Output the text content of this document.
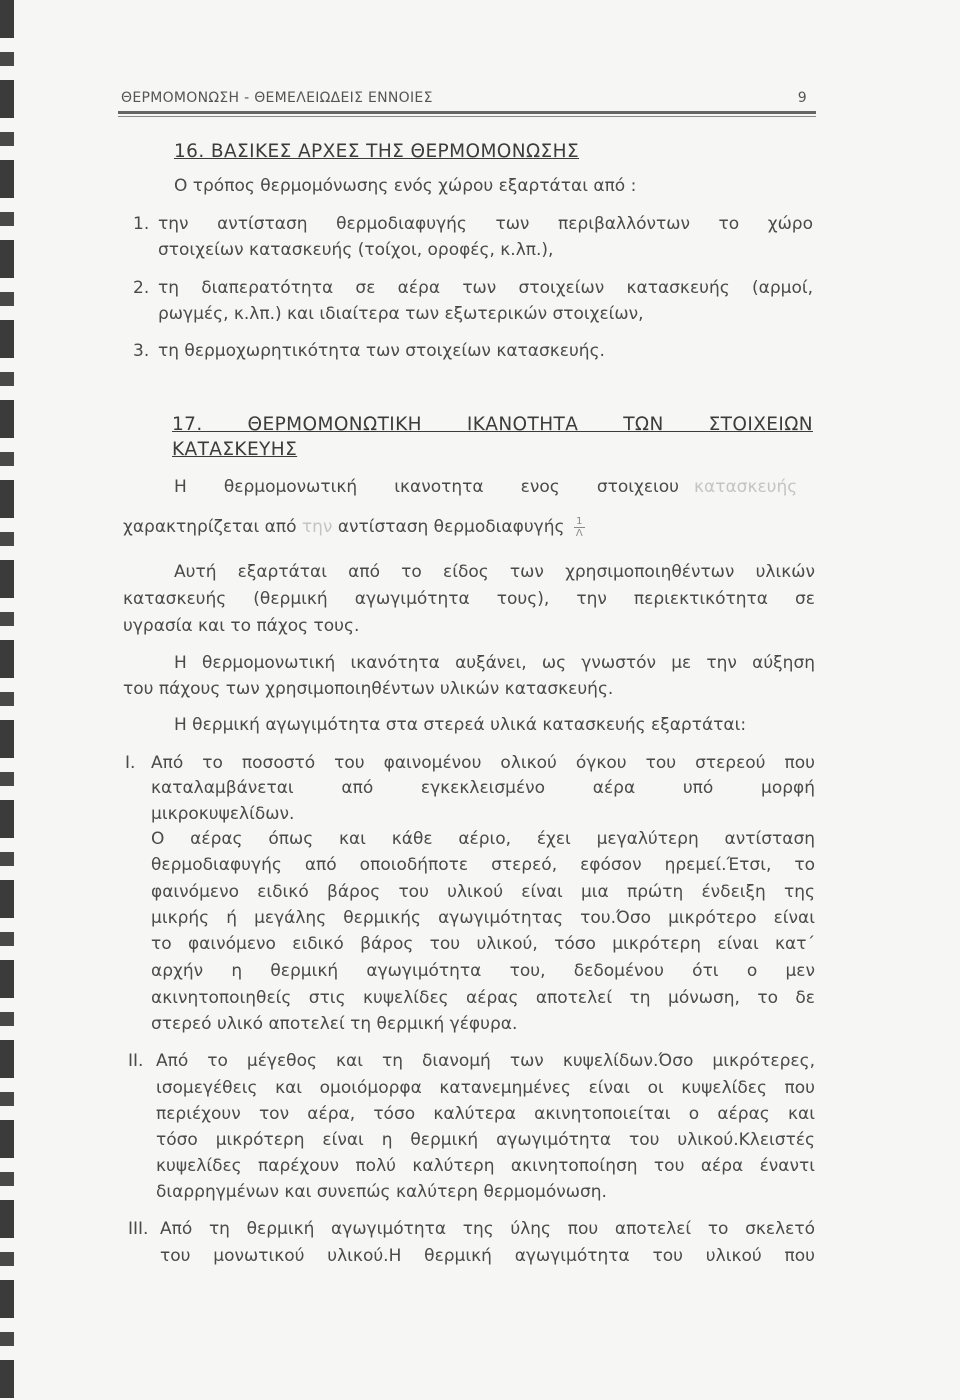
ΘΕΡΜΟΜΟΝΩΣΗ - ΘΕΜΕΛΕΙΩΔΕΙΣ ΕΝΝΟΙΕΣ	9
16. ΒΑΣΙΚΕΣ ΑΡΧΕΣ ΤΗΣ ΘΕΡΜΟΜΟΝΩΣΗΣ
Ο τρόπος θερμομόνωσης ενός χώρου εξαρτάται από :
1. την αντίσταση θερμοδιαφυγής των περιβαλλόντων το χώρο
στοιχείων κατασκευής (τοίχοι, οροφές, κ.λπ.),
2. τη διαπερατότητα σε αέρα των στοιχείων κατασκευής (αρμοί,
ρωγμές, κ.λπ.) και ιδιαίτερα των εξωτερικών στοιχείων,
3. τη θερμοχωρητικότητα των στοιχείων κατασκευής.
17. ΘΕΡΜΟΜΟΝΩΤΙΚΗ ΙΚΑΝΟΤΗΤΑ ΤΩΝ ΣΤΟΙΧΕΙΩΝ
ΚΑΤΑΣΚΕΥΗΣ
Η θερμομονωτική ικανοτητα ενος στοιχειου κατασκευής
χαρακτηρίζεται από την αντίσταση θερμοδιαφυγής $\frac{1}{\Lambda}$
Αυτή εξαρτάται από το είδος των χρησιμοποιηθέντων υλικών
κατασκευής (θερμική αγωγιμότητα τους), την περιεκτικότητα σε
υγρασία και το πάχος τους.
Η θερμομονωτική ικανότητα αυξάνει, ως γνωστόν με την αύξηση
του πάχους των χρησιμοποιηθέντων υλικών κατασκευής.
Η θερμική αγωγιμότητα στα στερεά υλικά κατασκευής εξαρτάται:
I. Από το ποσοστό του φαινομένου ολικού όγκου του στερεού που
καταλαμβάνεται από εγκεκλεισμένο αέρα υπό μορφή
μικροκυψελίδων.
Ο αέρας όπως και κάθε αέριο, έχει μεγαλύτερη αντίσταση
θερμοδιαφυγής από οποιοδήποτε στερεό, εφόσον ηρεμεί.Έτσι, το
φαινόμενο ειδικό βάρος του υλικού είναι μια πρώτη ένδειξη της
μικρής ή μεγάλης θερμικής αγωγιμότητας του.Όσο μικρότερο είναι
το φαινόμενο ειδικό βάρος του υλικού, τόσο μικρότερη είναι κατ΄
αρχήν η θερμική αγωγιμότητα του, δεδομένου ότι ο μεν
ακινητοποιηθείς στις κυψελίδες αέρας αποτελεί τη μόνωση, το δε
στερεό υλικό αποτελεί τη θερμική γέφυρα.
II. Από το μέγεθος και τη διανομή των κυψελίδων.Όσο μικρότερες,
ισομεγέθεις και ομοιόμορφα κατανεμημένες είναι οι κυψελίδες που
περιέχουν τον αέρα, τόσο καλύτερα ακινητοποιείται ο αέρας και
τόσο μικρότερη είναι η θερμική αγωγιμότητα του υλικού.Κλειστές
κυψελίδες παρέχουν πολύ καλύτερη ακινητοποίηση του αέρα έναντι
διαρρηγμένων και συνεπώς καλύτερη θερμομόνωση.
III. Από τη θερμική αγωγιμότητα της ύλης που αποτελεί το σκελετό
του μονωτικού υλικού.Η θερμική αγωγιμότητα του υλικού που
